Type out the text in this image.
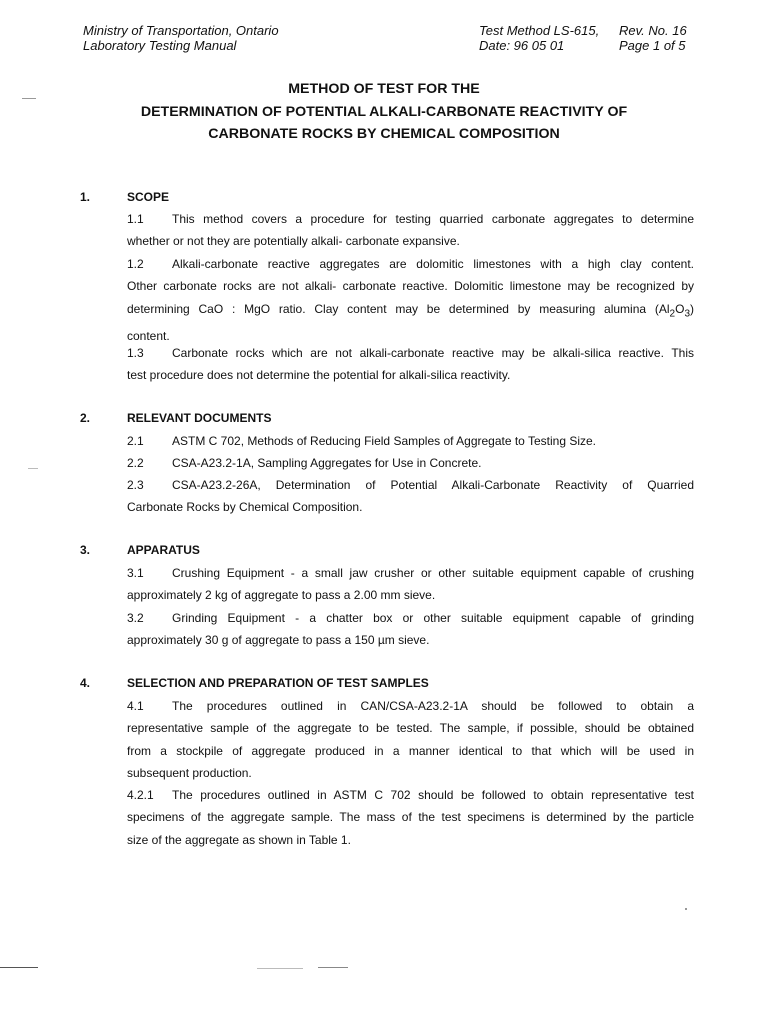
Ministry of Transportation, Ontario
Laboratory Testing Manual
Test Method LS-615,	Rev. No. 16
Date: 96 05 01	Page 1 of 5
METHOD OF TEST FOR THE
DETERMINATION OF POTENTIAL ALKALI-CARBONATE REACTIVITY OF
CARBONATE ROCKS BY CHEMICAL COMPOSITION
1.	SCOPE
1.1 This method covers a procedure for testing quarried carbonate aggregates to determine
whether or not they are potentially alkali- carbonate expansive.
1.2 Alkali-carbonate reactive aggregates are dolomitic limestones with a high clay content.
Other carbonate rocks are not alkali- carbonate reactive. Dolomitic limestone may be recognized by
determining CaO : MgO ratio. Clay content may be determined by measuring alumina $(Al_2O_3)$
content.
1.3 Carbonate rocks which are not alkali-carbonate reactive may be alkali-silica reactive. This
test procedure does not determine the potential for alkali-silica reactivity.
2.	RELEVANT DOCUMENTS
2.1 ASTM C 702, Methods of Reducing Field Samples of Aggregate to Testing Size.
2.2 CSA-A23.2-1A, Sampling Aggregates for Use in Concrete.
2.3 CSA-A23.2-26A, Determination of Potential Alkali-Carbonate Reactivity of Quarried
Carbonate Rocks by Chemical Composition.
3.	APPARATUS
3.1 Crushing Equipment - a small jaw crusher or other suitable equipment capable of crushing
approximately 2 kg of aggregate to pass a 2.00 mm sieve.
3.2 Grinding Equipment - a chatter box or other suitable equipment capable of grinding
approximately 30 g of aggregate to pass a 150 µm sieve.
4.	SELECTION AND PREPARATION OF TEST SAMPLES
4.1 The procedures outlined in CAN/CSA-A23.2-1A should be followed to obtain a
representative sample of the aggregate to be tested. The sample, if possible, should be obtained
from a stockpile of aggregate produced in a manner identical to that which will be used in
subsequent production.
4.2.1 The procedures outlined in ASTM C 702 should be followed to obtain representative test
specimens of the aggregate sample. The mass of the test specimens is determined by the particle
size of the aggregate as shown in Table 1.
